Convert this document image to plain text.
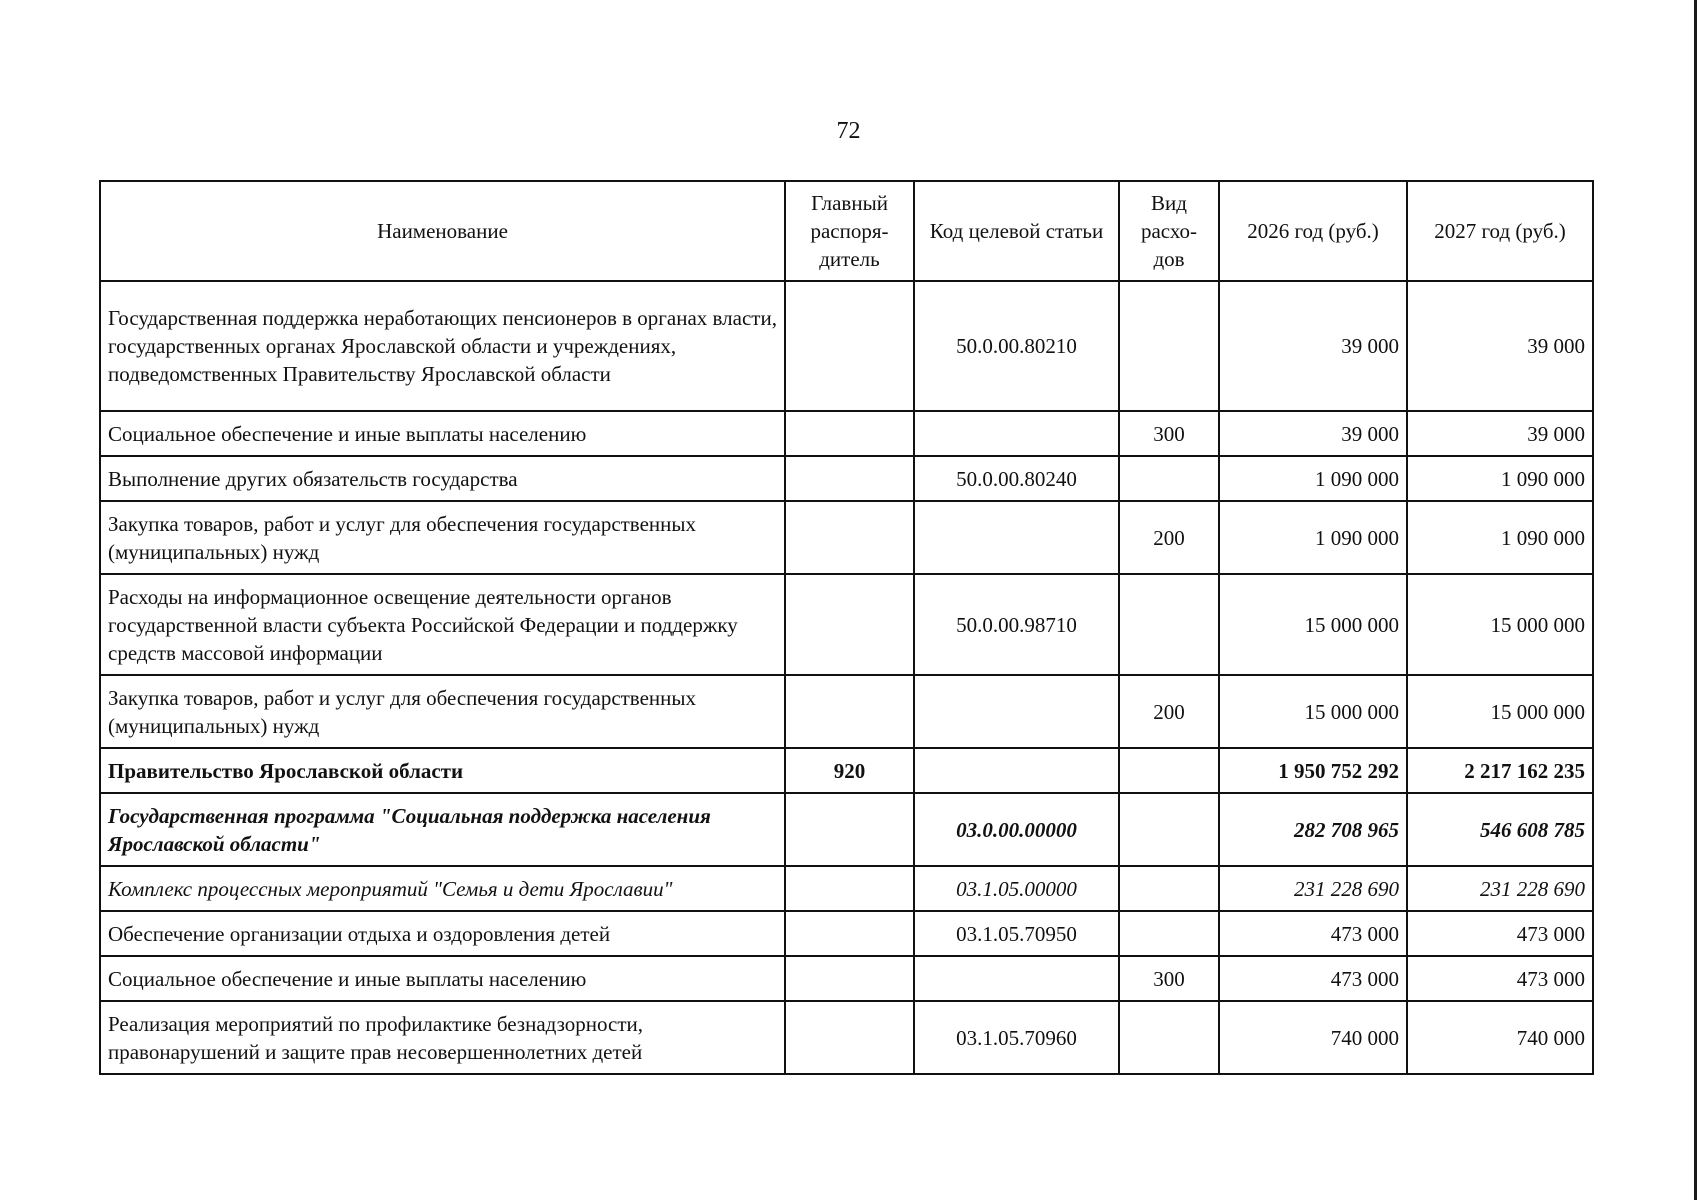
72
Наименование	Главный распоря-дитель	Код целевой статьи	Вид расхо-дов	2026 год (руб.)	2027 год (руб.)
Государственная поддержка неработающих пенсионеров в органах власти, государственных органах Ярославской области и учреждениях, подведомственных Правительству Ярославской области		50.0.00.80210		39 000	39 000
Социальное обеспечение и иные выплаты населению			300	39 000	39 000
Выполнение других обязательств государства		50.0.00.80240		1 090 000	1 090 000
Закупка товаров, работ и услуг для обеспечения государственных (муниципальных) нужд			200	1 090 000	1 090 000
Расходы на информационное освещение деятельности органов государственной власти субъекта Российской Федерации и поддержку средств массовой информации		50.0.00.98710		15 000 000	15 000 000
Закупка товаров, работ и услуг для обеспечения государственных (муниципальных) нужд			200	15 000 000	15 000 000
Правительство Ярославской области	920			1 950 752 292	2 217 162 235
Государственная программа "Социальная поддержка населения Ярославской области"		03.0.00.00000		282 708 965	546 608 785
Комплекс процессных мероприятий "Семья и дети Ярославии"		03.1.05.00000		231 228 690	231 228 690
Обеспечение организации отдыха и оздоровления детей		03.1.05.70950		473 000	473 000
Социальное обеспечение и иные выплаты населению			300	473 000	473 000
Реализация мероприятий по профилактике безнадзорности, правонарушений и защите прав несовершеннолетних детей		03.1.05.70960		740 000	740 000
